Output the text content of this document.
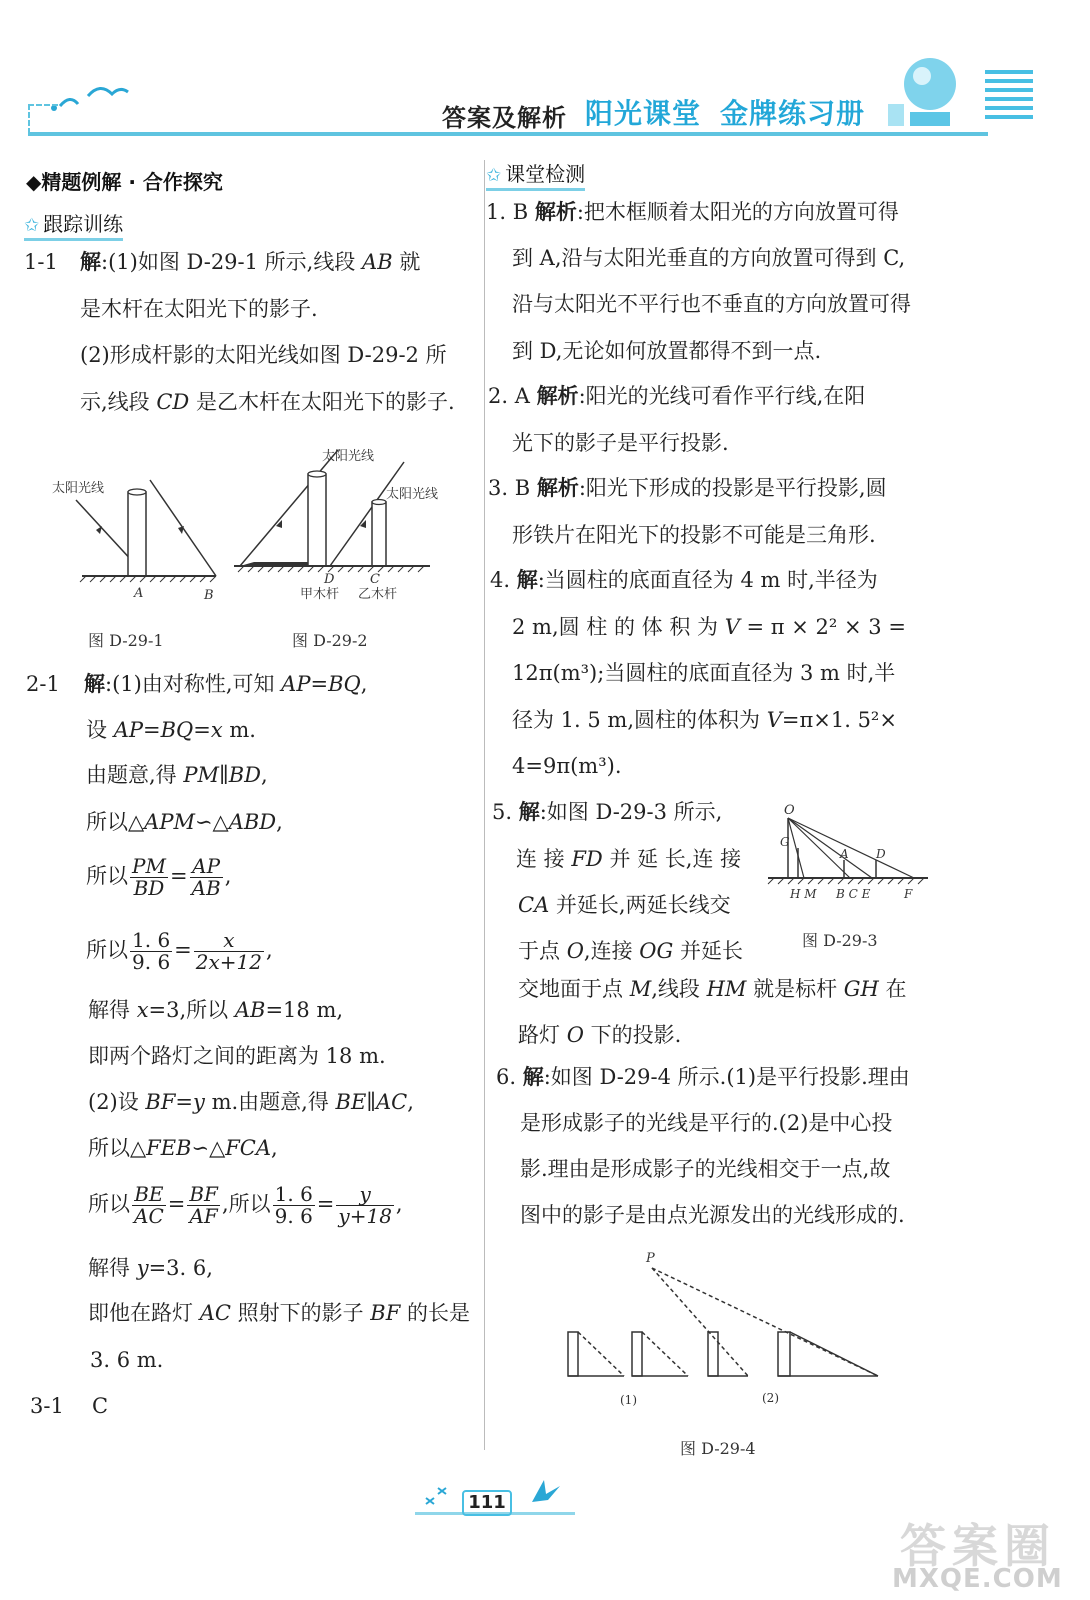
答案及解析 阳光课堂 金牌练习册
◆精题例解 · 合作探究
✩ 跟踪训练
1-1 解:(1)如图 D-29-1 所示,线段 AB 就
是木杆在太阳光下的影子.
(2)形成杆影的太阳光线如图 D-29-2 所
示,线段 CD 是乙木杆在太阳光下的影子.
太阳光线
A	B
图 D-29-1
太阳光线
太阳光线
D	C
甲木杆 乙木杆
图 D-29-2
2-1 解:(1)由对称性,可知 AP=BQ,
设 AP=BQ=x m.
由题意,得 PM∥BD,
所以△APM∽△ABD,
所以 $\frac{PM}{BD} = \frac{AP}{AB}$ ,
所以 $\frac{1. 6}{9. 6} = \frac{x}{2x+12}$ ,
解得 x=3,所以 AB=18 m,
即两个路灯之间的距离为 18 m.
(2)设 BF=y m.由题意,得 BE∥AC,
所以△FEB∽△FCA,
所以 $\frac{BE}{AC} = \frac{BF}{AF}$ ,所以 $\frac{1. 6}{9. 6} = \frac{y}{y+18}$ ,
解得 y=3. 6,
即他在路灯 AC 照射下的影子 BF 的长是
3. 6 m.
3-1 C
✩ 课堂检测
1. B 解析:把木框顺着太阳光的方向放置可得
到 A,沿与太阳光垂直的方向放置可得到 C,
沿与太阳光不平行也不垂直的方向放置可得
到 D,无论如何放置都得不到一点.
2. A 解析:阳光的光线可看作平行线,在阳
光下的影子是平行投影.
3. B 解析:阳光下形成的投影是平行投影,圆
形铁片在阳光下的投影不可能是三角形.
4. 解:当圆柱的底面直径为 4 m 时,半径为
2 m,圆 柱 的 体 积 为 V = π × 2² × 3 =
12π(m³);当圆柱的底面直径为 3 m 时,半
径为 1. 5 m,圆柱的体积为 V=π×1. 5²×
4=9π(m³).
5. 解:如图 D-29-3 所示,
连 接 FD 并 延 长,连 接
CA 并延长,两延长线交
于点 O,连接 OG 并延长
交地面于点 M,线段 HM 就是标杆 GH 在
路灯 O 下的投影.
O
G
A D
H M B C E	F
图 D-29-3
6. 解:如图 D-29-4 所示.(1)是平行投影.理由
是形成影子的光线是平行的.(2)是中心投
影.理由是形成影子的光线相交于一点,故
图中的影子是由点光源发出的光线形成的.
P
(1)	(2)
图 D-29-4
111
答案圈
MXQE.COM
